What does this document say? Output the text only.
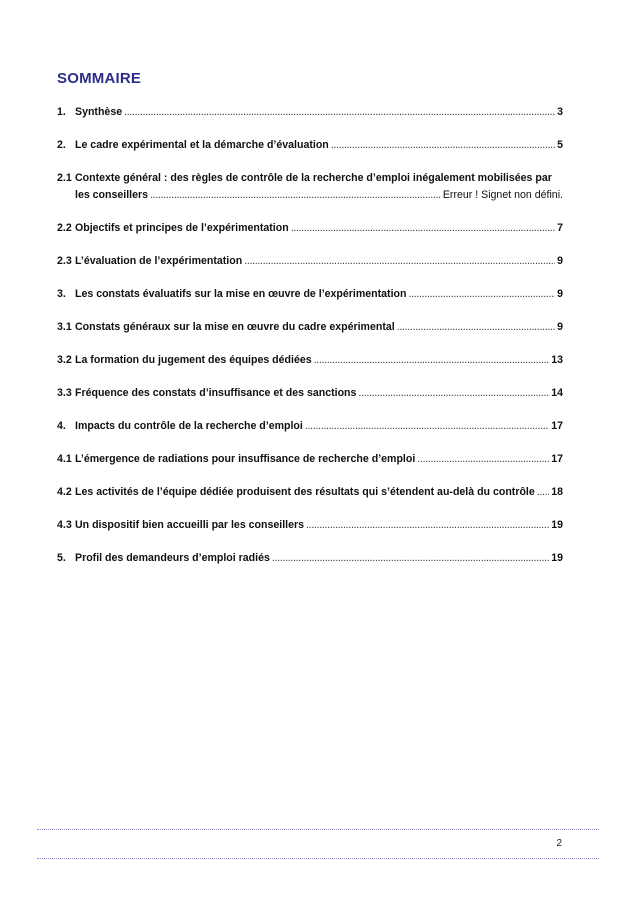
SOMMAIRE
1. Synthèse .....	3
2. Le cadre expérimental et la démarche d’évaluation .....	5
2.1 Contexte général : des règles de contrôle de la recherche d’emploi inégalement mobilisées par
les conseillers .....	Erreur ! Signet non défini.
2.2 Objectifs et principes de l’expérimentation .....	7
2.3 L’évaluation de l’expérimentation .....	9
3. Les constats évaluatifs sur la mise en œuvre de l’expérimentation .....	9
3.1 Constats généraux sur la mise en œuvre du cadre expérimental .....	9
3.2 La formation du jugement des équipes dédiées .....	13
3.3 Fréquence des constats d’insuffisance et des sanctions .....	14
4. Impacts du contrôle de la recherche d’emploi .....	17
4.1 L’émergence de radiations pour insuffisance de recherche d’emploi .....	17
4.2 Les activités de l’équipe dédiée produisent des résultats qui s’étendent au-delà du contrôle ..... 18
4.3 Un dispositif bien accueilli par les conseillers .....	19
5. Profil des demandeurs d’emploi radiés .....	19
2
